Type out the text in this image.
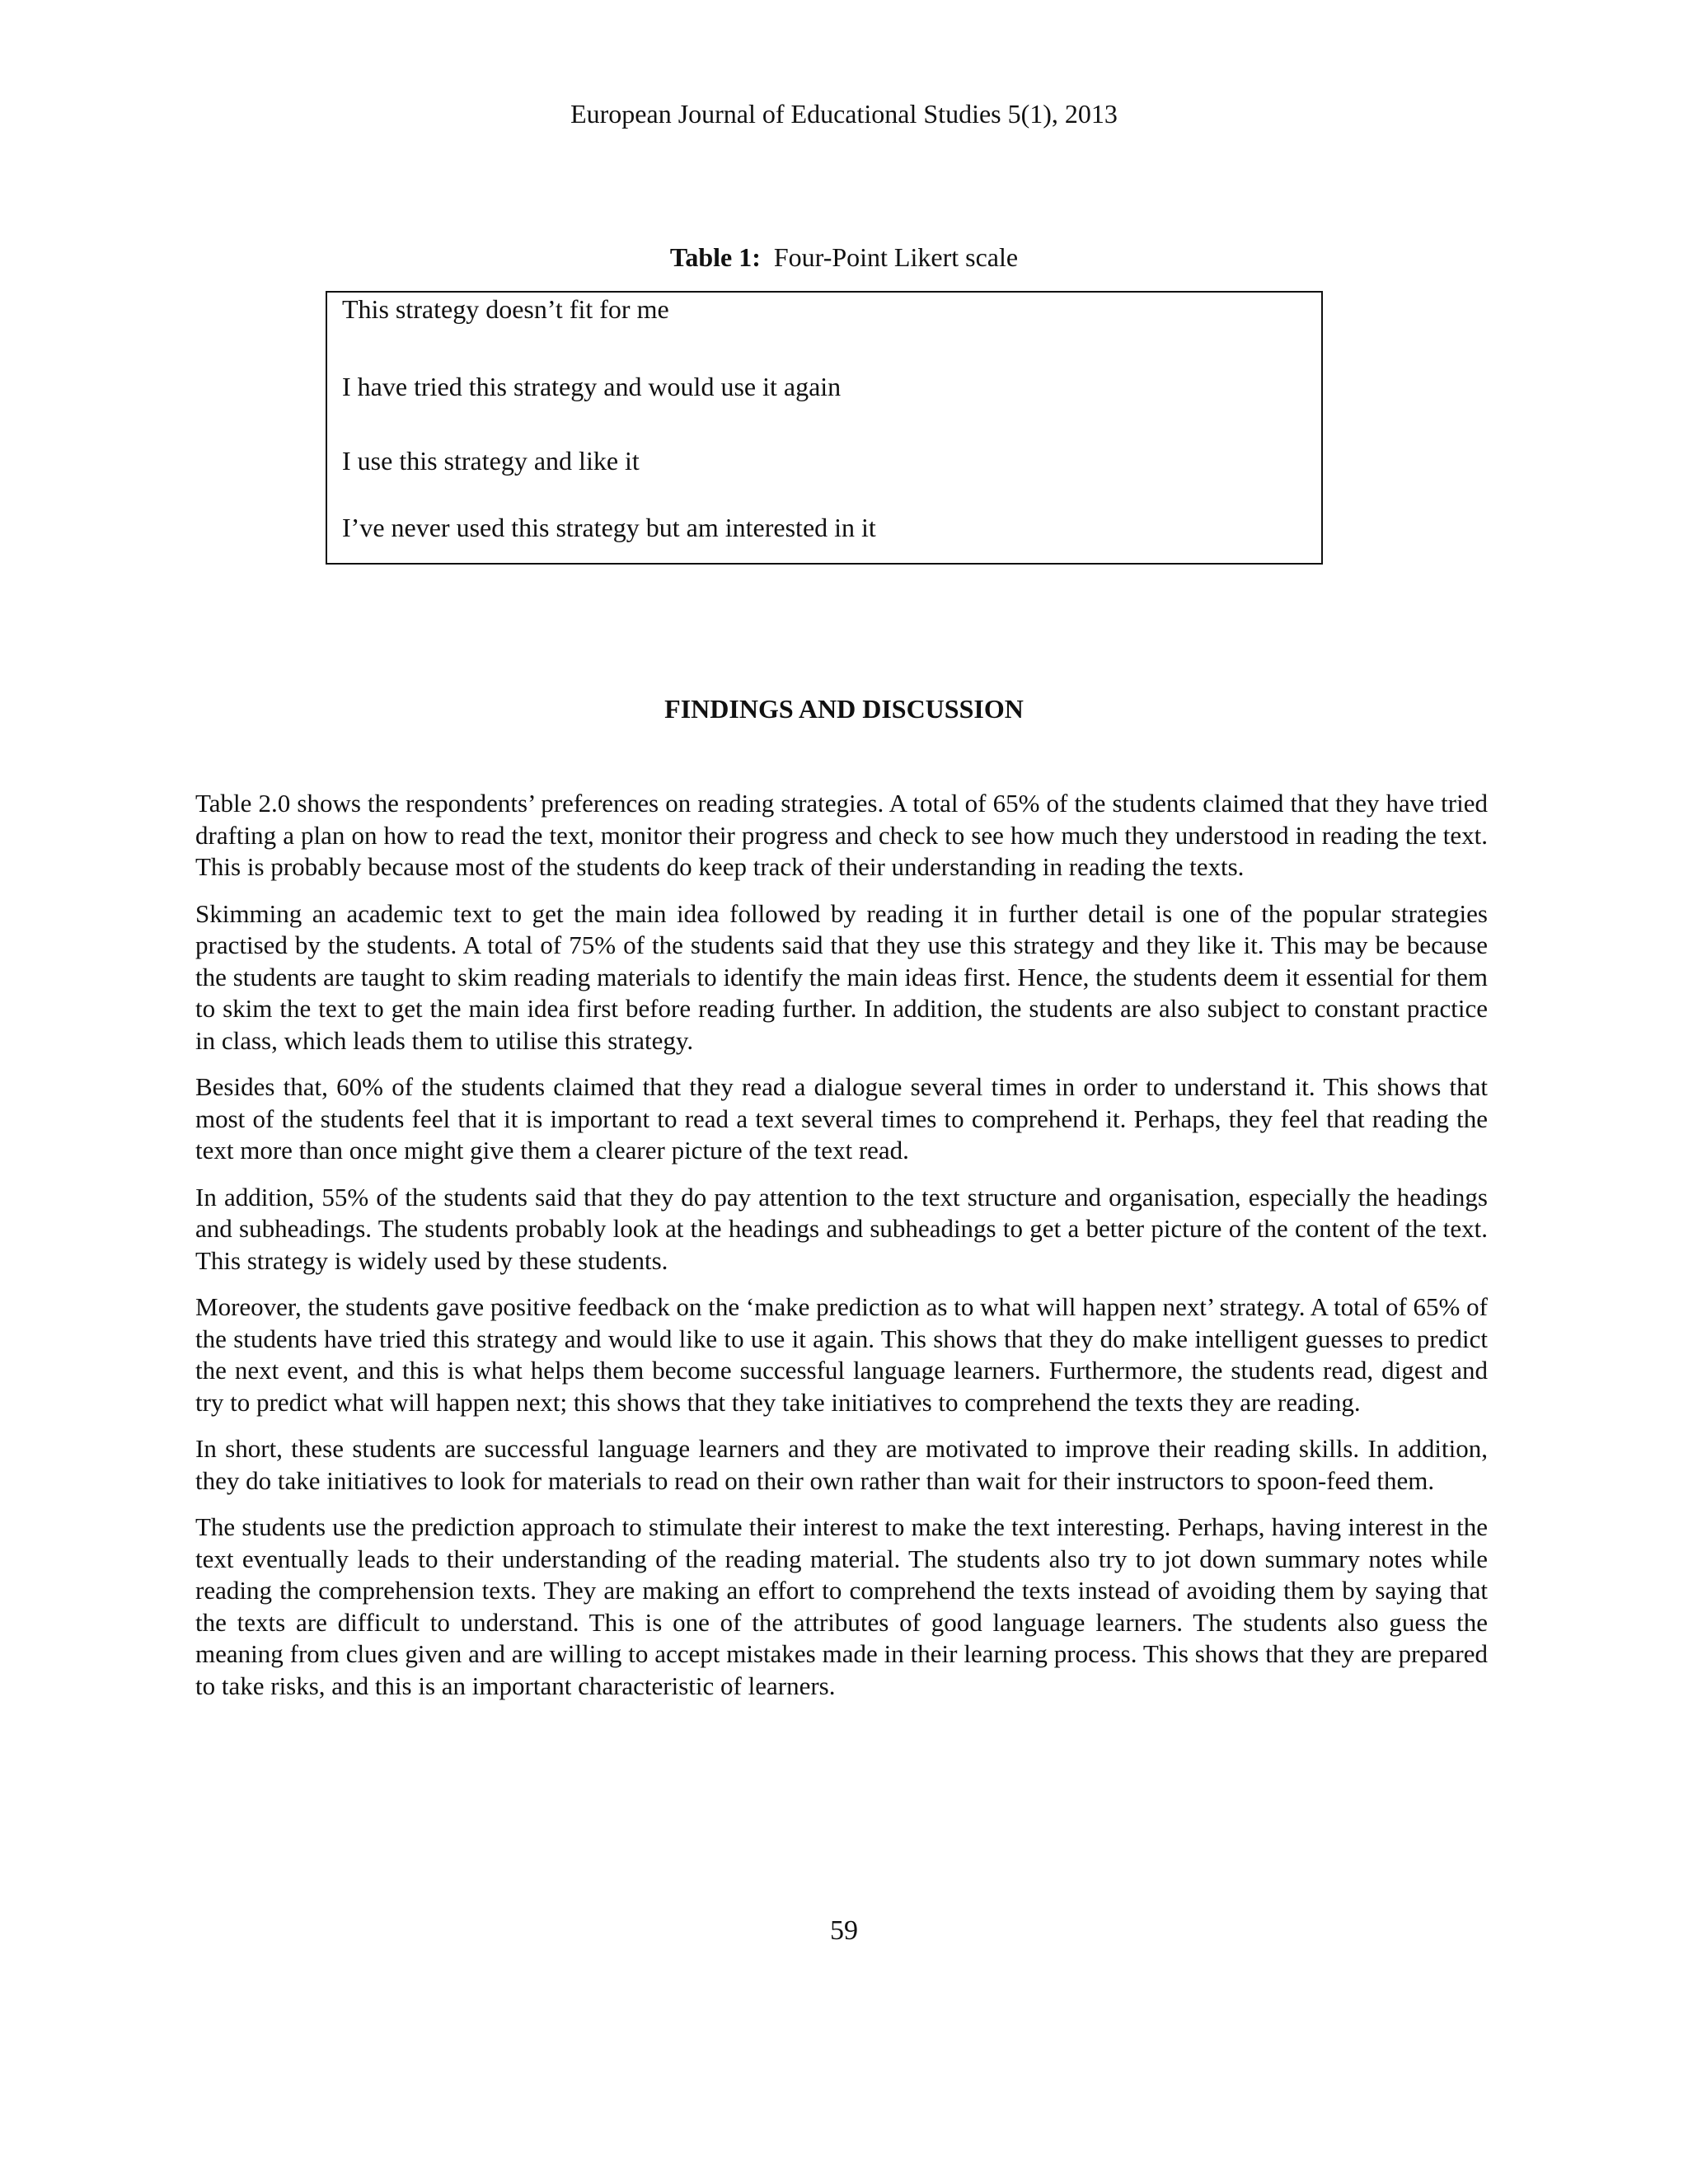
European Journal of Educational Studies 5(1), 2013
Table 1: Four-Point Likert scale
This strategy doesn’t fit for me
I have tried this strategy and would use it again
I use this strategy and like it
I’ve never used this strategy but am interested in it
FINDINGS AND DISCUSSION

Table 2.0 shows the respondents’ preferences on reading strategies. A total of 65% of the students claimed that they have tried drafting a plan on how to read the text, monitor their progress and check to see how much they understood in reading the text. This is probably because most of the students do keep track of their understanding in reading the texts.

Skimming an academic text to get the main idea followed by reading it in further detail is one of the popular strategies practised by the students. A total of 75% of the students said that they use this strategy and they like it. This may be because the students are taught to skim reading materials to identify the main ideas first. Hence, the students deem it essential for them to skim the text to get the main idea first before reading further. In addition, the students are also subject to constant practice in class, which leads them to utilise this strategy.

Besides that, 60% of the students claimed that they read a dialogue several times in order to understand it. This shows that most of the students feel that it is important to read a text several times to comprehend it. Perhaps, they feel that reading the text more than once might give them a clearer picture of the text read.

In addition, 55% of the students said that they do pay attention to the text structure and organisation, especially the headings and subheadings. The students probably look at the headings and subheadings to get a better picture of the content of the text. This strategy is widely used by these students.

Moreover, the students gave positive feedback on the ‘make prediction as to what will happen next’ strategy. A total of 65% of the students have tried this strategy and would like to use it again. This shows that they do make intelligent guesses to predict the next event, and this is what helps them become successful language learners. Furthermore, the students read, digest and try to predict what will happen next; this shows that they take initiatives to comprehend the texts they are reading.

In short, these students are successful language learners and they are motivated to improve their reading skills. In addition, they do take initiatives to look for materials to read on their own rather than wait for their instructors to spoon-feed them.

The students use the prediction approach to stimulate their interest to make the text interesting. Perhaps, having interest in the text eventually leads to their understanding of the reading material. The students also try to jot down summary notes while reading the comprehension texts. They are making an effort to comprehend the texts instead of avoiding them by saying that the texts are difficult to understand. This is one of the attributes of good language learners. The students also guess the meaning from clues given and are willing to accept mistakes made in their learning process. This shows that they are prepared to take risks, and this is an important characteristic of learners.

59
